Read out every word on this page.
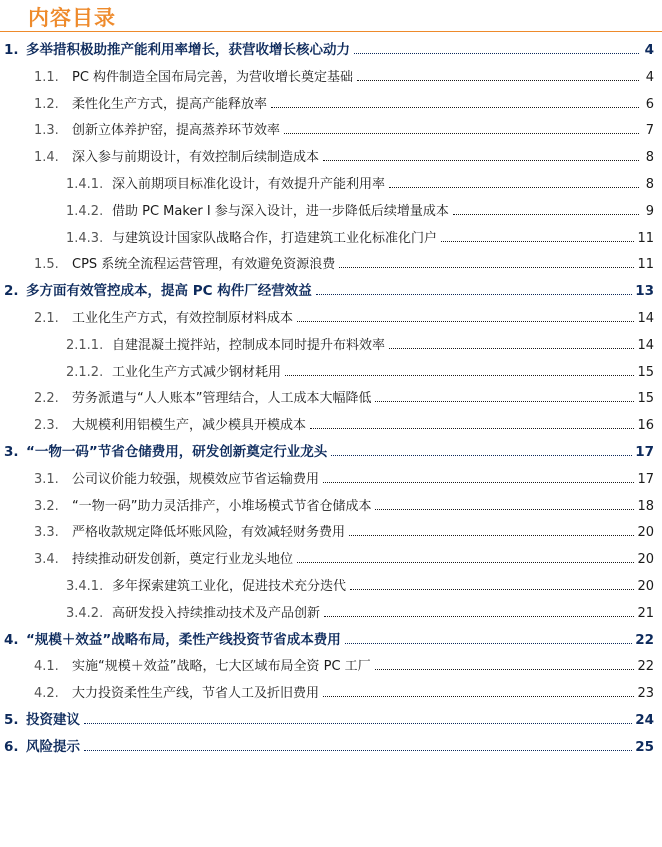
内容目录
1. 多举措积极助推产能利用率增长，获营收增长核心动力	4
1.1.	PC 构件制造全国布局完善，为营收增长奠定基础	4
1.2.	柔性化生产方式，提高产能释放率	6
1.3.	创新立体养护窑，提高蒸养环节效率	7
1.4.	深入参与前期设计，有效控制后续制造成本	8
1.4.1. 深入前期项目标准化设计，有效提升产能利用率	8
1.4.2. 借助 PC Maker I 参与深入设计，进一步降低后续增量成本	9
1.4.3. 与建筑设计国家队战略合作，打造建筑工业化标准化门户	11
1.5.	CPS 系统全流程运营管理，有效避免资源浪费	11
2. 多方面有效管控成本，提高 PC 构件厂经营效益	13
2.1.	工业化生产方式，有效控制原材料成本	14
2.1.1. 自建混凝土搅拌站，控制成本同时提升布料效率	14
2.1.2. 工业化生产方式减少钢材耗用	15
2.2.	劳务派遣与“人人账本”管理结合，人工成本大幅降低	15
2.3.	大规模利用铝模生产，减少模具开模成本	16
3. “一物一码”节省仓储费用，研发创新奠定行业龙头	17
3.1.	公司议价能力较强，规模效应节省运输费用	17
3.2.	“一物一码”助力灵活排产，小堆场模式节省仓储成本	18
3.3.	严格收款规定降低坏账风险，有效减轻财务费用	20
3.4.	持续推动研发创新，奠定行业龙头地位	20
3.4.1. 多年探索建筑工业化，促进技术充分迭代	20
3.4.2. 高研发投入持续推动技术及产品创新	21
4. “规模＋效益”战略布局，柔性产线投资节省成本费用	22
4.1.	实施“规模＋效益”战略，七大区域布局全资 PC 工厂	22
4.2.	大力投资柔性生产线，节省人工及折旧费用	23
5. 投资建议	24
6. 风险提示	25
